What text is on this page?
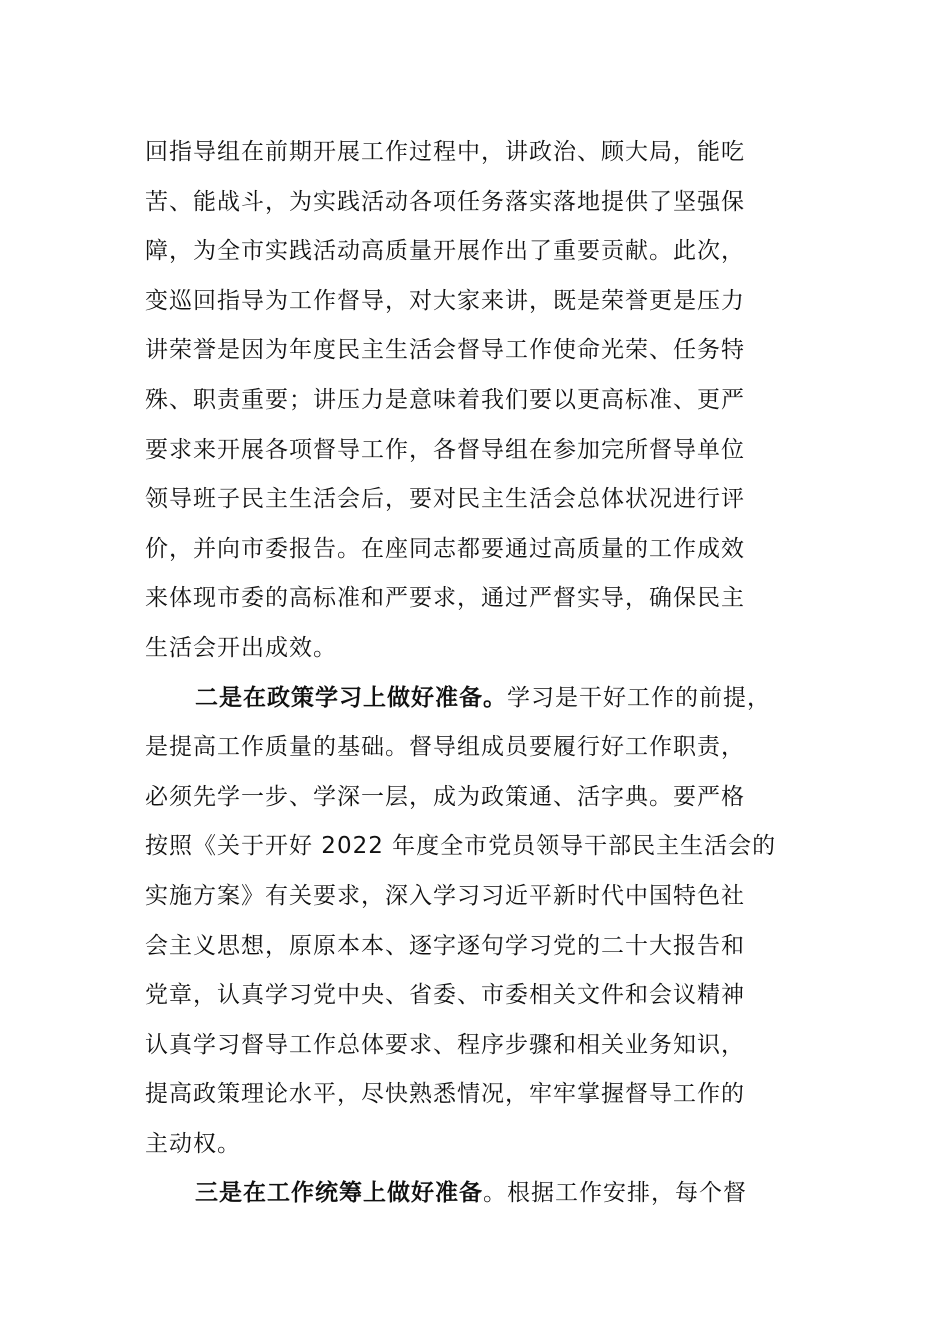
回指导组在前期开展工作过程中，讲政治、顾大局，能吃
苦、能战斗，为实践活动各项任务落实落地提供了坚强保
障，为全市实践活动高质量开展作出了重要贡献。此次，
变巡回指导为工作督导，对大家来讲，既是荣誉更是压力
讲荣誉是因为年度民主生活会督导工作使命光荣、任务特
殊、职责重要；讲压力是意味着我们要以更高标准、更严
要求来开展各项督导工作，各督导组在参加完所督导单位
领导班子民主生活会后，要对民主生活会总体状况进行评
价，并向市委报告。在座同志都要通过高质量的工作成效
来体现市委的高标准和严要求，通过严督实导，确保民主
生活会开出成效。
二是在政策学习上做好准备。学习是干好工作的前提，
是提高工作质量的基础。督导组成员要履行好工作职责，
必须先学一步、学深一层，成为政策通、活字典。要严格
按照《关于开好 2022 年度全市党员领导干部民主生活会的
实施方案》有关要求，深入学习习近平新时代中国特色社
会主义思想，原原本本、逐字逐句学习党的二十大报告和
党章，认真学习党中央、省委、市委相关文件和会议精神
认真学习督导工作总体要求、程序步骤和相关业务知识，
提高政策理论水平，尽快熟悉情况，牢牢掌握督导工作的
主动权。
三是在工作统筹上做好准备。根据工作安排，每个督
